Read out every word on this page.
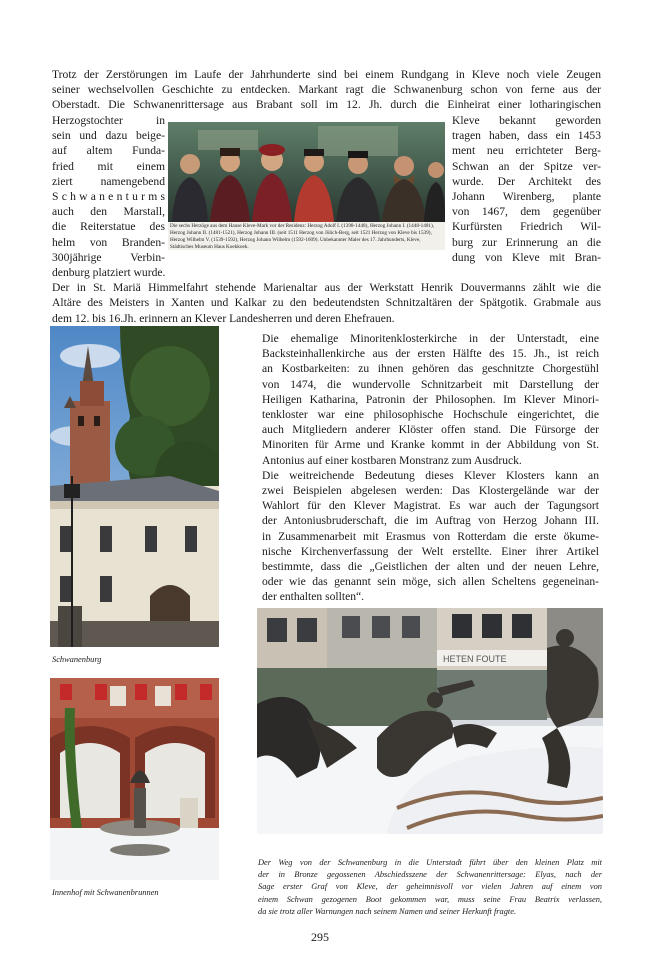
Trotz der Zerstörungen im Laufe der Jahrhunderte sind bei einem Rundgang in Kleve noch viele Zeugen
seiner wechselvollen Geschichte zu entdecken. Markant ragt die Schwanenburg schon von ferne aus der
Oberstadt. Die Schwanenrittersage aus Brabant soll im 12. Jh. durch die Einheirat einer lotharingischen
Herzogstochter in
sein und dazu beige-
auf altem Funda-
fried mit einem
ziert namengebend
S c h w a n e n t u r m s
auch den Marstall,
die Reiterstatue des
helm von Branden-
300jährige Verbin-
Kleve bekannt geworden
tragen haben, dass ein 1453
ment neu errichteter Berg-
Schwan an der Spitze ver-
wurde. Der Architekt des
Johann Wirenberg, plante
von 1467, dem gegenüber
Kurfürsten Friedrich Wil-
burg zur Erinnerung an die
dung von Kleve mit Bran-
Die sechs Herzöge aus dem Hause Kleve-Mark vor der Residenz: Herzog Adolf I. (1398-1448), Herzog Johann I. (1448-1481), Herzog Johann II. (1481-1521), Herzog Johann III. (seit 1511 Herzog von Jülich-Berg, seit 1521 Herzog von Kleve bis 1539), Herzog Wilhelm V. (1539-1592), Herzog Johann Wilhelm (1592-1609). Unbekannter Maler des 17. Jahrhunderts, Kleve, Städtisches Museum Haus Koekkoek.
denburg platziert wurde.
Der in St. Mariä Himmelfahrt stehende Marienaltar aus der Werkstatt Henrik Douvermanns zählt wie die
Altäre des Meisters in Xanten und Kalkar zu den bedeutendsten Schnitzaltären der Spätgotik. Grabmale aus
dem 12. bis 16.Jh. erinnern an Klever Landesherren und deren Ehefrauen.
Schwanenburg
Innenhof mit Schwanenbrunnen
Die ehemalige Minoritenklosterkirche in der Unterstadt, eine
Backsteinhallenkirche aus der ersten Hälfte des 15. Jh., ist reich
an Kostbarkeiten: zu ihnen gehören das geschnitzte Chorgestühl
von 1474, die wundervolle Schnitzarbeit mit Darstellung der
Heiligen Katharina, Patronin der Philosophen. Im Klever Minori-
tenkloster war eine philosophische Hochschule eingerichtet, die
auch Mitgliedern anderer Klöster offen stand. Die Fürsorge der
Minoriten für Arme und Kranke kommt in der Abbildung von St.
Antonius auf einer kostbaren Monstranz zum Ausdruck.
Die weitreichende Bedeutung dieses Klever Klosters kann an
zwei Beispielen abgelesen werden: Das Klostergelände war der
Wahlort für den Klever Magistrat. Es war auch der Tagungsort
der Antoniusbruderschaft, die im Auftrag von Herzog Johann III.
in Zusammenarbeit mit Erasmus von Rotterdam die erste ökume-
nische Kirchenverfassung der Welt erstellte. Einer ihrer Artikel
bestimmte, dass die „Geistlichen der alten und der neuen Lehre,
oder wie das genannt sein möge, sich allen Scheltens gegeneinan-
der enthalten sollten“.
HETEN FOUTE
Der Weg von der Schwanenburg in die Unterstadt führt über den kleinen Platz mit
der in Bronze gegossenen Abschiedsszene der Schwanenrittersage: Elyas, nach der
Sage erster Graf von Kleve, der geheimnisvoll vor vielen Jahren auf einem von
einem Schwan gezogenen Boot gekommen war, muss seine Frau Beatrix verlassen,
da sie trotz aller Warnungen nach seinem Namen und seiner Herkunft fragte.
295
